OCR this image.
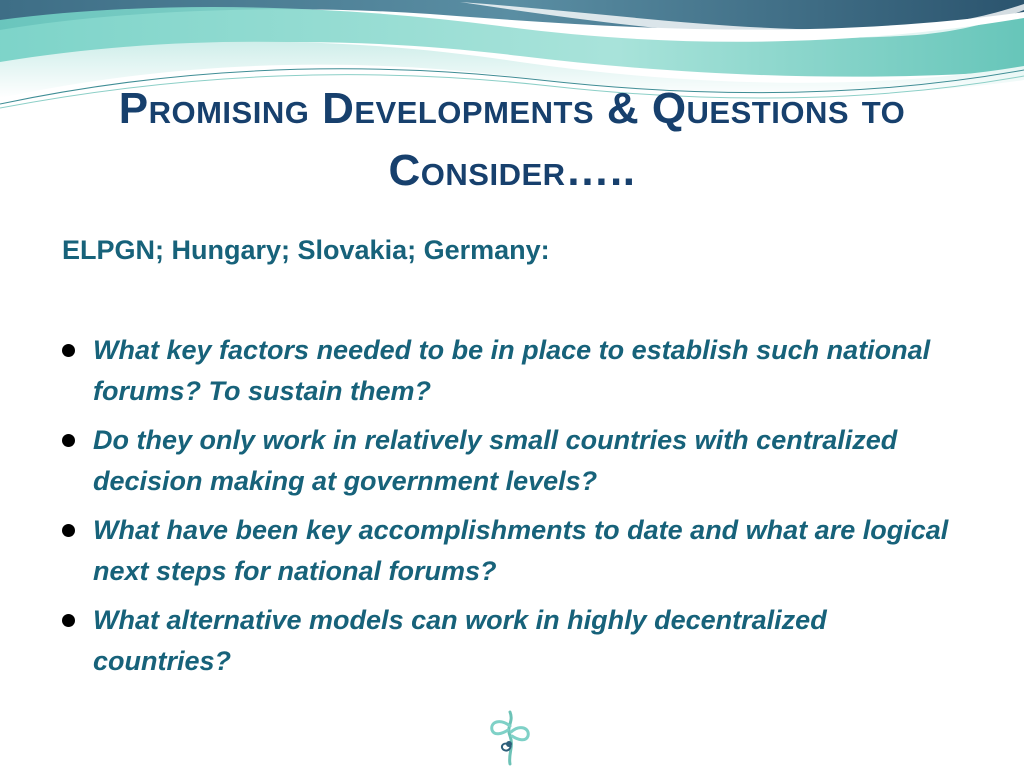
Promising Developments & Questions to Consider…..

ELPGN; Hungary; Slovakia; Germany:

What key factors needed to be in place to establish such national forums? To sustain them?
Do they only work in relatively small countries with centralized decision making at government levels?
What have been key accomplishments to date and what are logical next steps for national forums?
What alternative models can work in highly decentralized countries?
